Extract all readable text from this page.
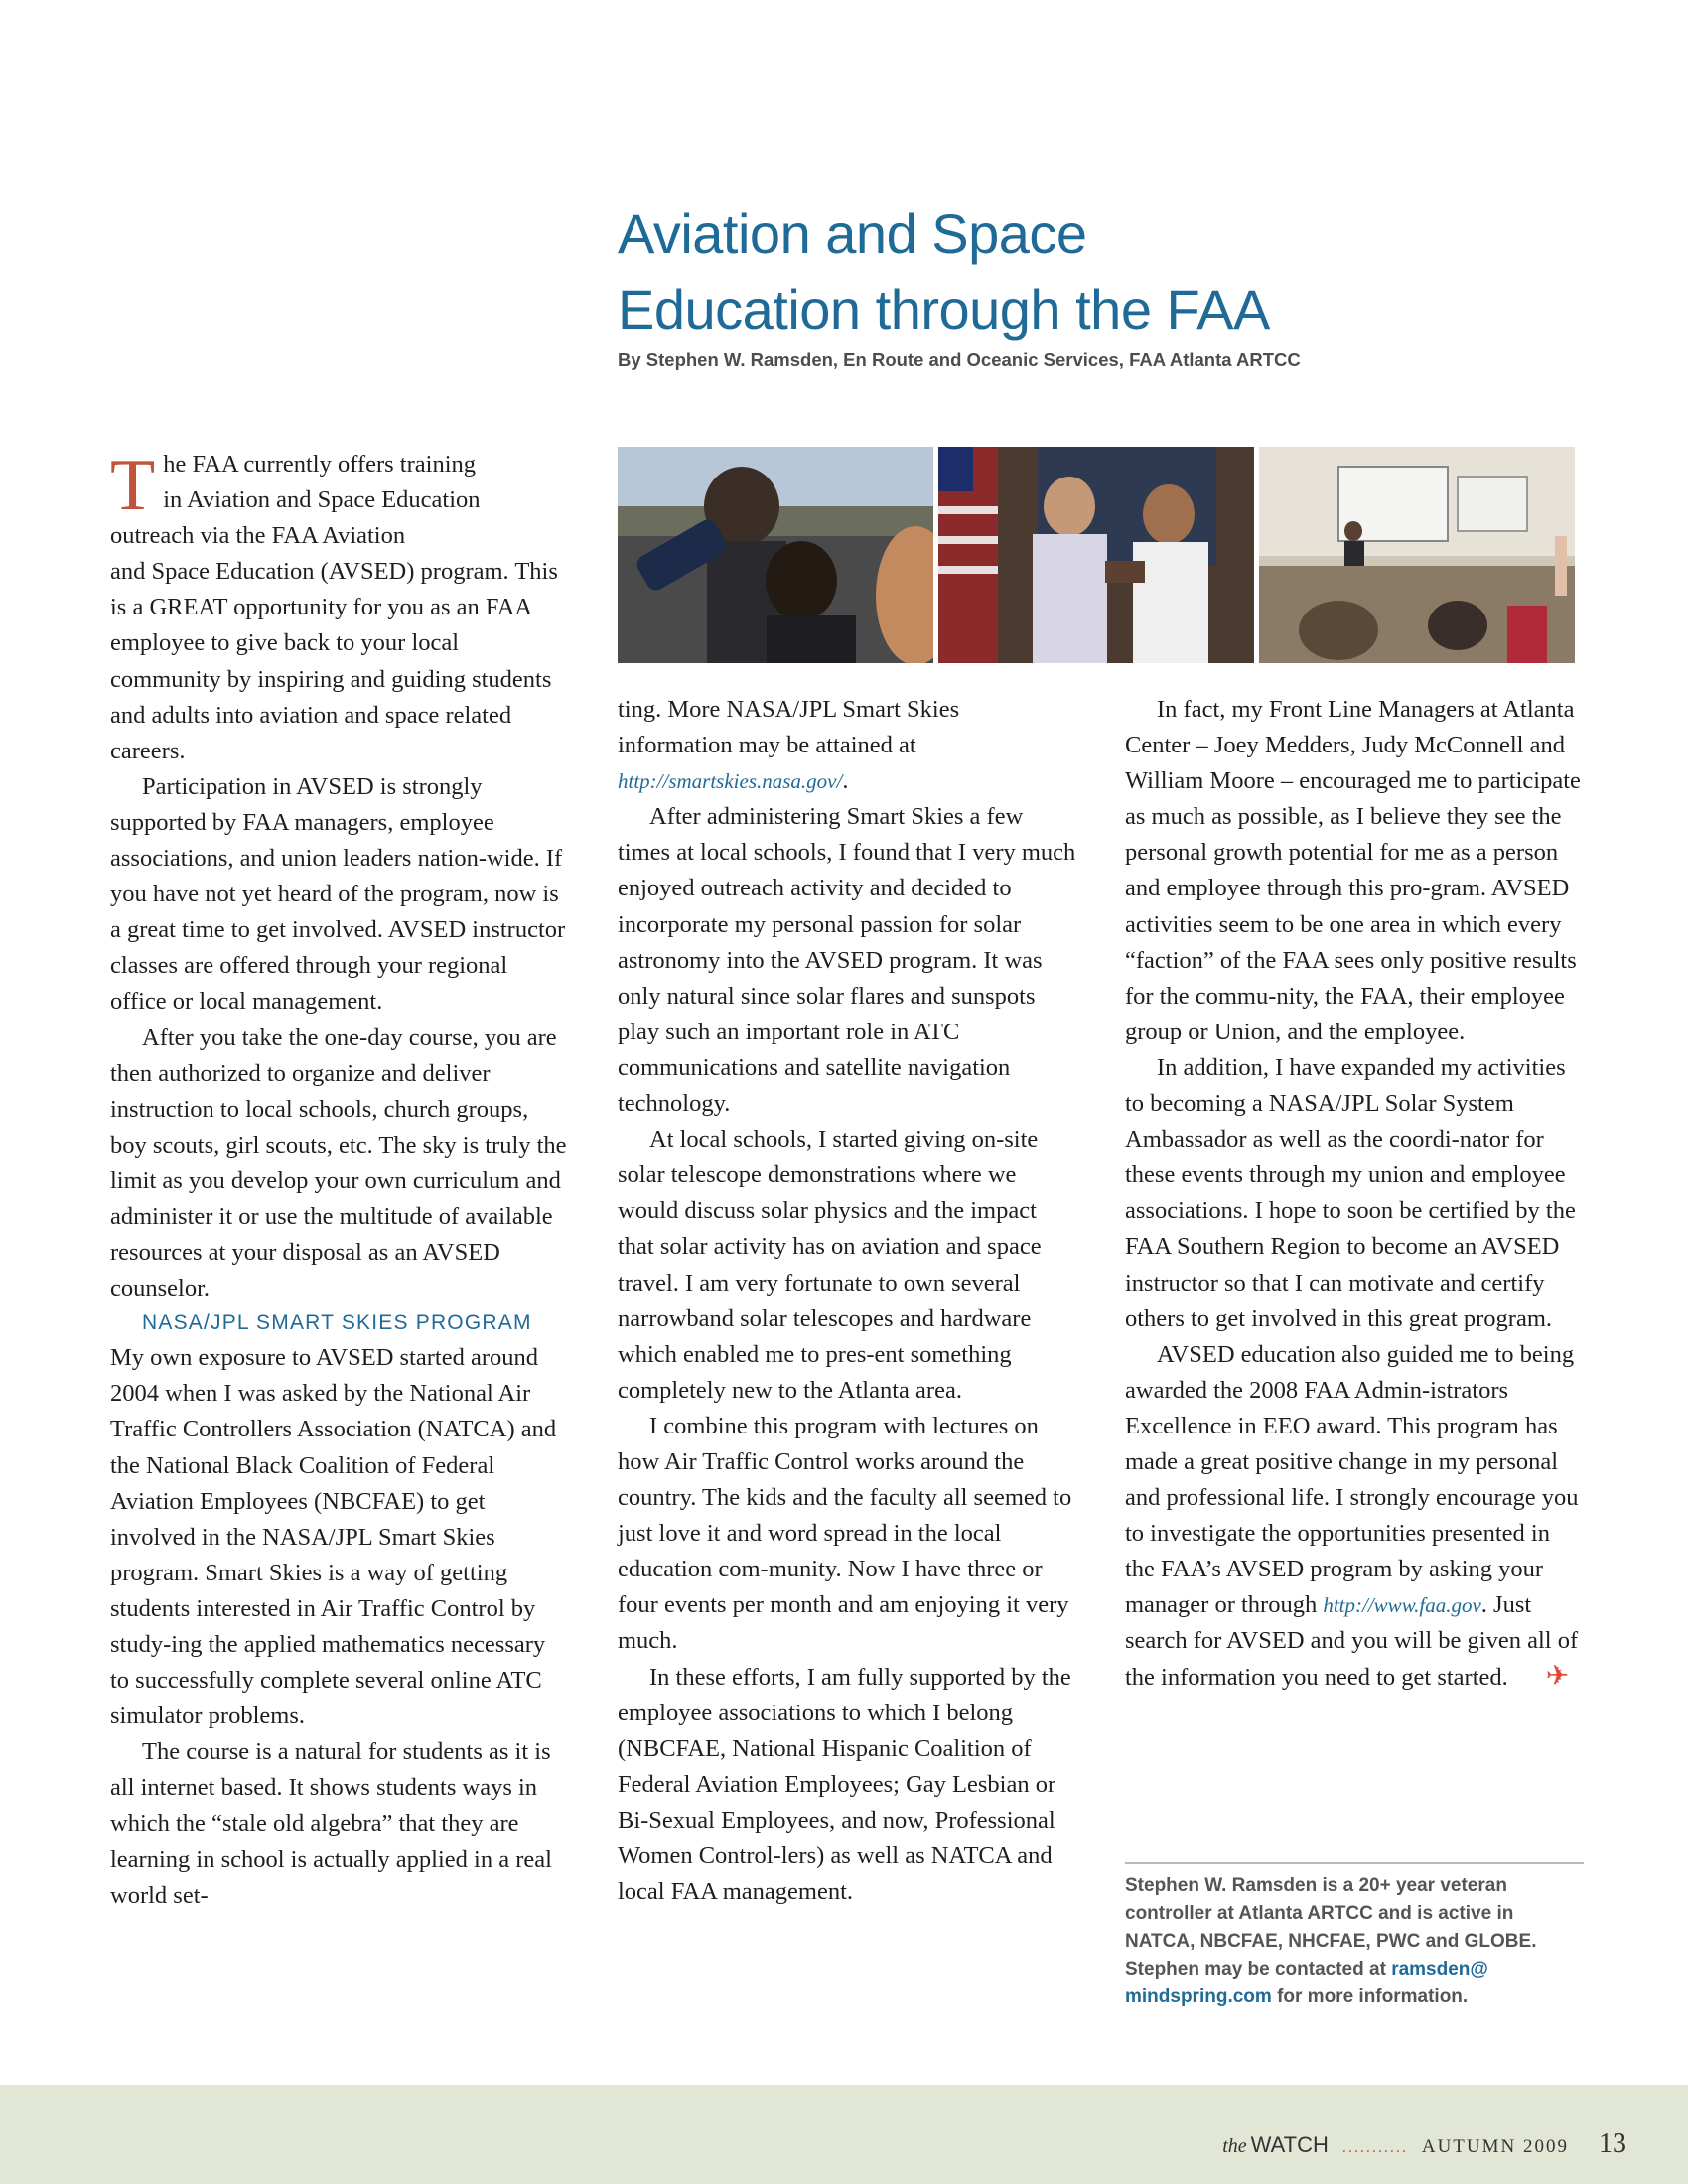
Aviation and Space
Education through the FAA
By Stephen W. Ramsden, En Route and Oceanic Services, FAA Atlanta ARTCC

T he FAA currently offers training
in Aviation and Space Education
outreach via the FAA Aviation
and Space Education (AVSED) program. This is a GREAT opportunity for you as an FAA employee to give back to your local community by inspiring and guiding students and adults into aviation and space related careers.

Participation in AVSED is strongly supported by FAA managers, employee associations, and union leaders nation-wide. If you have not yet heard of the program, now is a great time to get involved. AVSED instructor classes are offered through your regional office or local management.

After you take the one-day course, you are then authorized to organize and deliver instruction to local schools, church groups, boy scouts, girl scouts, etc. The sky is truly the limit as you develop your own curriculum and administer it or use the multitude of available resources at your disposal as an AVSED counselor.

NASA/JPL SMART SKIES PROGRAM

My own exposure to AVSED started around 2004 when I was asked by the National Air Traffic Controllers Association (NATCA) and the National Black Coalition of Federal Aviation Employees (NBCFAE) to get involved in the NASA/JPL Smart Skies program. Smart Skies is a way of getting students interested in Air Traffic Control by study-ing the applied mathematics necessary to successfully complete several online ATC simulator problems.

The course is a natural for students as it is all internet based. It shows students ways in which the “stale old algebra” that they are learning in school is actually applied in a real world set-

ting. More NASA/JPL Smart Skies information may be attained at http://smartskies.nasa.gov/.

After administering Smart Skies a few times at local schools, I found that I very much enjoyed outreach activity and decided to incorporate my personal passion for solar astronomy into the AVSED program. It was only natural since solar flares and sunspots play such an important role in ATC communications and satellite navigation technology.

At local schools, I started giving on-site solar telescope demonstrations where we would discuss solar physics and the impact that solar activity has on aviation and space travel. I am very fortunate to own several narrowband solar telescopes and hardware which enabled me to pres-ent something completely new to the Atlanta area.

I combine this program with lectures on how Air Traffic Control works around the country. The kids and the faculty all seemed to just love it and word spread in the local education com-munity. Now I have three or four events per month and am enjoying it very much.

In these efforts, I am fully supported by the employee associations to which I belong (NBCFAE, National Hispanic Coalition of Federal Aviation Employees; Gay Lesbian or Bi-Sexual Employees, and now, Professional Women Control-lers) as well as NATCA and local FAA management.

In fact, my Front Line Managers at Atlanta Center – Joey Medders, Judy McConnell and William Moore – encouraged me to participate as much as possible, as I believe they see the personal growth potential for me as a person and employee through this pro-gram. AVSED activities seem to be one area in which every “faction” of the FAA sees only positive results for the commu-nity, the FAA, their employee group or Union, and the employee.

In addition, I have expanded my activities to becoming a NASA/JPL Solar System Ambassador as well as the coordi-nator for these events through my union and employee associations. I hope to soon be certified by the FAA Southern Region to become an AVSED instructor so that I can motivate and certify others to get involved in this great program.

AVSED education also guided me to being awarded the 2008 FAA Admin-istrators Excellence in EEO award. This program has made a great positive change in my personal and professional life. I strongly encourage you to investigate the opportunities presented in the FAA’s AVSED program by asking your manager or through http://www.faa.gov. Just search for AVSED and you will be given all of the information you need to get started. ✈

Stephen W. Ramsden is a 20+ year veteran controller at Atlanta ARTCC and is active in NATCA, NBCFAE, NHCFAE, PWC and GLOBE. Stephen may be contacted at ramsden@ mindspring.com for more information.
the WATCH ........... AUTUMN 2009 13
